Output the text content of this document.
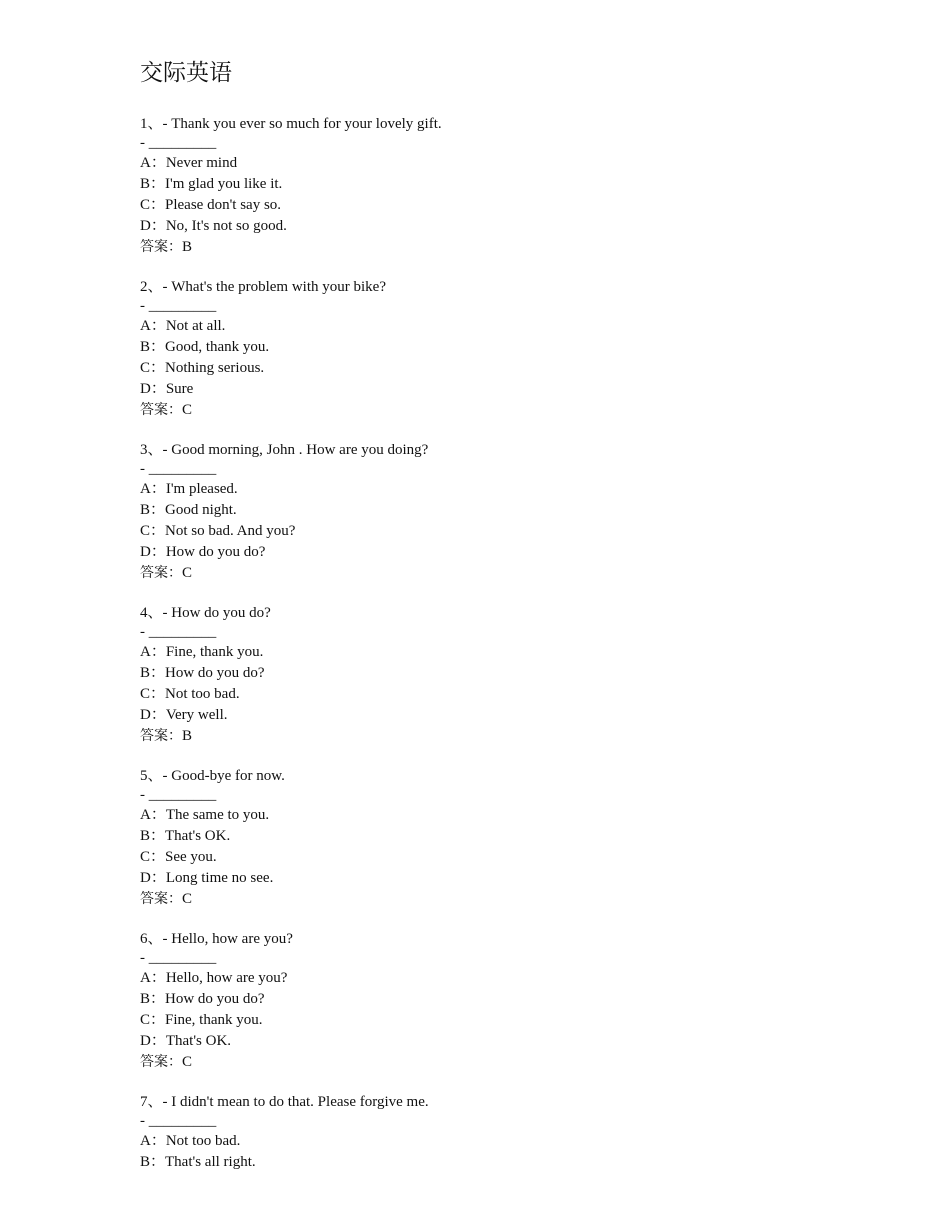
交际英语
1、- Thank you ever so much for your lovely gift.
- _________
A：Never mind
B：I'm glad you like it.
C：Please don't say so.
D：No, It's not so good.
答案：B
2、- What's the problem with your bike?
- _________
A：Not at all.
B：Good, thank you.
C：Nothing serious.
D：Sure
答案：C
3、- Good morning, John . How are you doing?
- _________
A：I'm pleased.
B：Good night.
C：Not so bad. And you?
D：How do you do?
答案：C
4、- How do you do?
- _________
A：Fine, thank you.
B：How do you do?
C：Not too bad.
D：Very well.
答案：B
5、- Good-bye for now.
- _________
A：The same to you.
B：That's OK.
C：See you.
D：Long time no see.
答案：C
6、- Hello, how are you?
- _________
A：Hello, how are you?
B：How do you do?
C：Fine, thank you.
D：That's OK.
答案：C
7、- I didn't mean to do that. Please forgive me.
- _________
A：Not too bad.
B：That's all right.
